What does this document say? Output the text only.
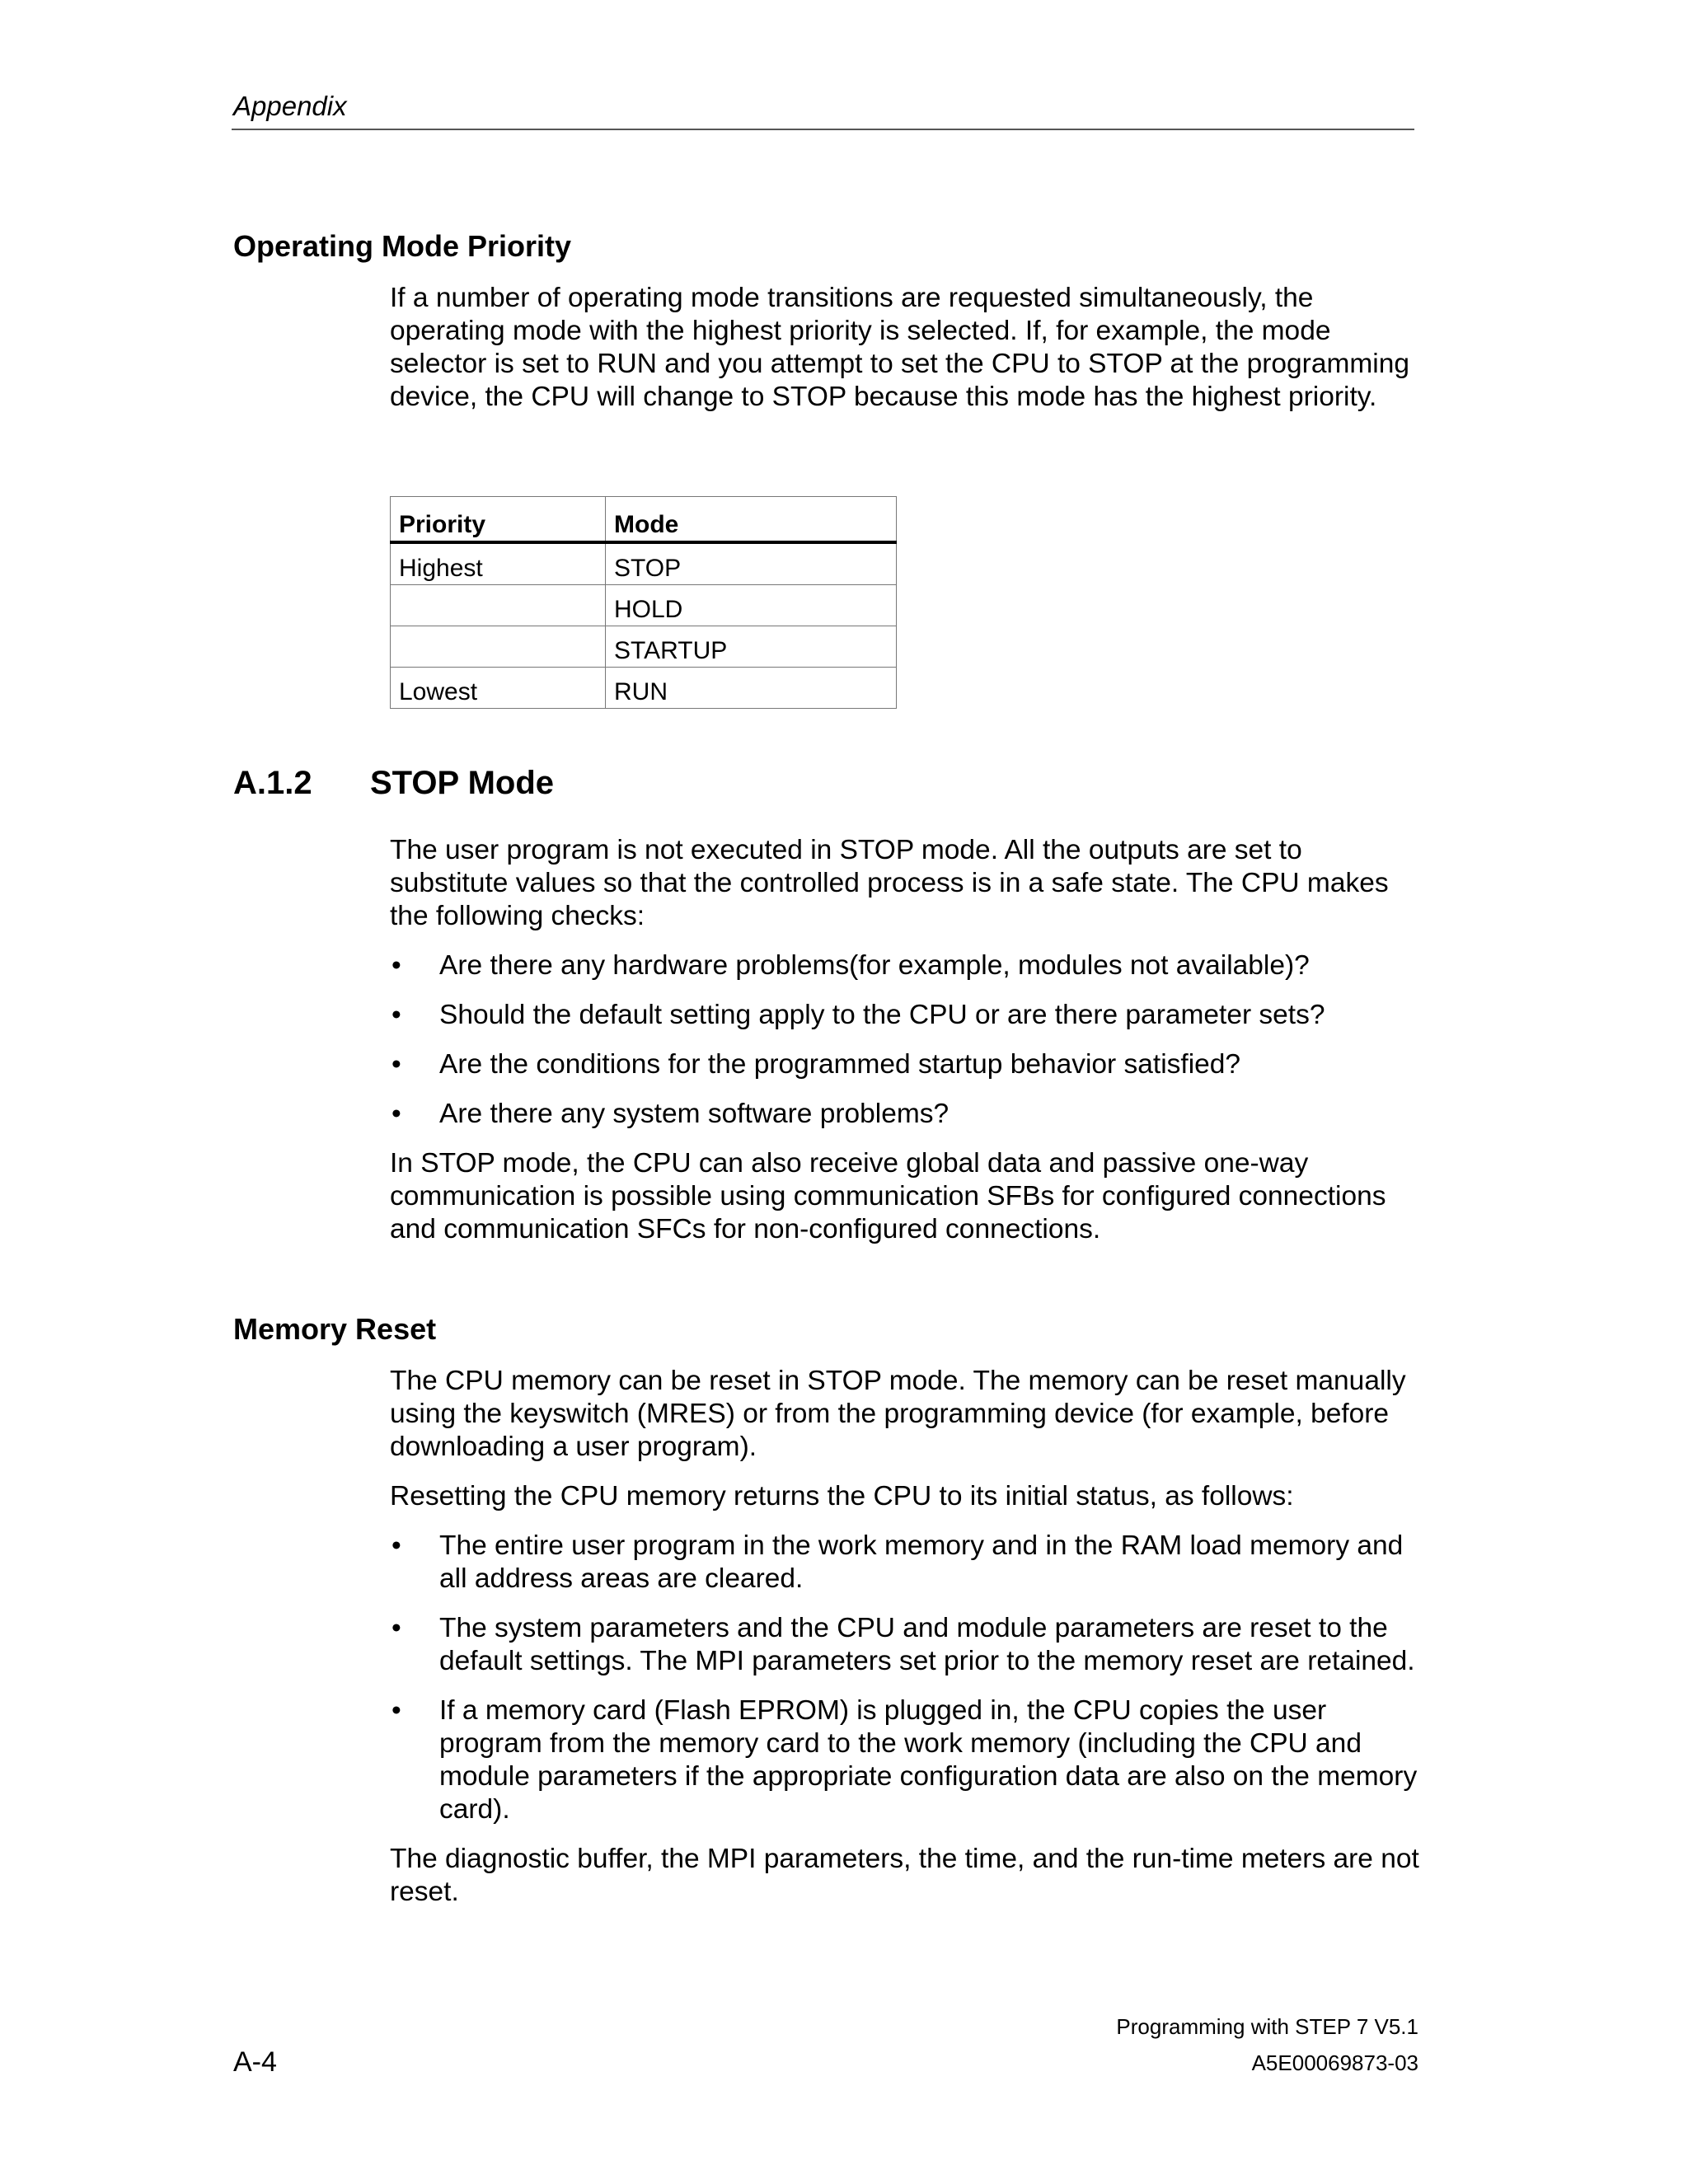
Appendix
Operating Mode Priority

If a number of operating mode transitions are requested simultaneously, the operating mode with the highest priority is selected. If, for example, the mode selector is set to RUN and you attempt to set the CPU to STOP at the programming device, the CPU will change to STOP because this mode has the highest priority.

Priority	Mode
Highest	STOP
	HOLD
	STARTUP
Lowest	RUN
A.1.2 STOP Mode

The user program is not executed in STOP mode. All the outputs are set to substitute values so that the controlled process is in a safe state. The CPU makes the following checks:

• Are there any hardware problems(for example, modules not available)?
• Should the default setting apply to the CPU or are there parameter sets?
• Are the conditions for the programmed startup behavior satisfied?
• Are there any system software problems?

In STOP mode, the CPU can also receive global data and passive one-way communication is possible using communication SFBs for configured connections and communication SFCs for non-configured connections.

Memory Reset

The CPU memory can be reset in STOP mode. The memory can be reset manually using the keyswitch (MRES) or from the programming device (for example, before downloading a user program).

Resetting the CPU memory returns the CPU to its initial status, as follows:

• The entire user program in the work memory and in the RAM load memory and all address areas are cleared.
• The system parameters and the CPU and module parameters are reset to the default settings. The MPI parameters set prior to the memory reset are retained.
• If a memory card (Flash EPROM) is plugged in, the CPU copies the user program from the memory card to the work memory (including the CPU and module parameters if the appropriate configuration data are also on the memory card).

The diagnostic buffer, the MPI parameters, the time, and the run-time meters are not reset.

Programming with STEP 7 V5.1
A-4	A5E00069873-03
